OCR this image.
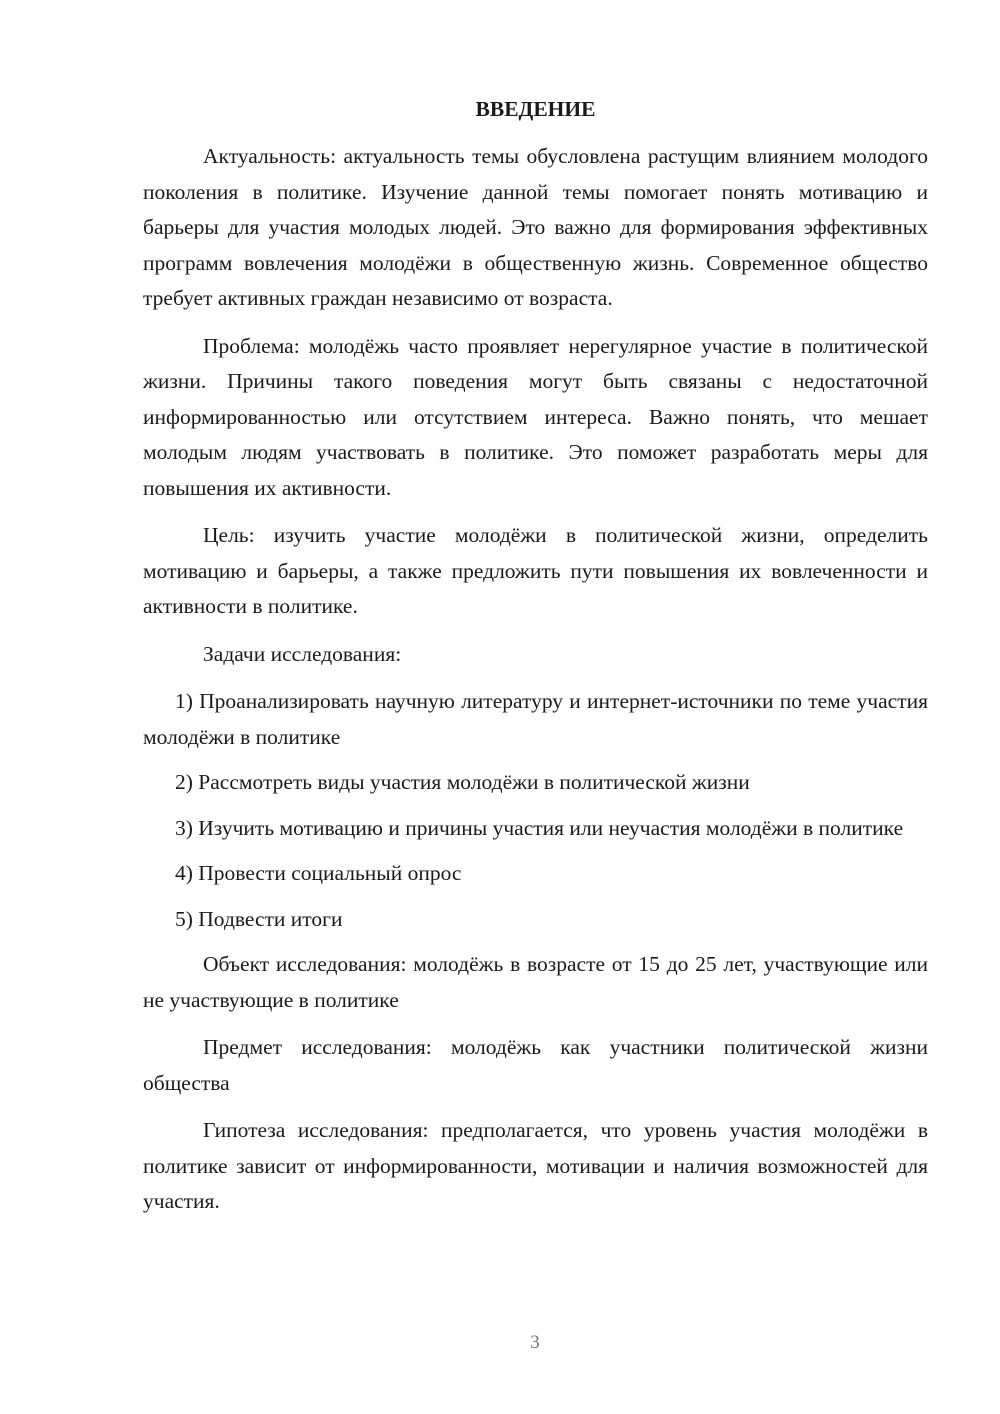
ВВЕДЕНИЕ

Актуальность: актуальность темы обусловлена растущим влиянием молодого поколения в политике. Изучение данной темы помогает понять мотивацию и барьеры для участия молодых людей. Это важно для формирования эффективных программ вовлечения молодёжи в общественную жизнь. Современное общество требует активных граждан независимо от возраста.

Проблема: молодёжь часто проявляет нерегулярное участие в политической жизни. Причины такого поведения могут быть связаны с недостаточной информированностью или отсутствием интереса. Важно понять, что мешает молодым людям участвовать в политике. Это поможет разработать меры для повышения их активности.

Цель: изучить участие молодёжи в политической жизни, определить мотивацию и барьеры, а также предложить пути повышения их вовлеченности и активности в политике.

Задачи исследования:

1) Проанализировать научную литературу и интернет-источники по теме участия молодёжи в политике

2) Рассмотреть виды участия молодёжи в политической жизни

3) Изучить мотивацию и причины участия или неучастия молодёжи в политике

4) Провести социальный опрос

5) Подвести итоги

Объект исследования: молодёжь в возрасте от 15 до 25 лет, участвующие или не участвующие в политике

Предмет исследования: молодёжь как участники политической жизни общества

Гипотеза исследования: предполагается, что уровень участия молодёжи в политике зависит от информированности, мотивации и наличия возможностей для участия.

3
